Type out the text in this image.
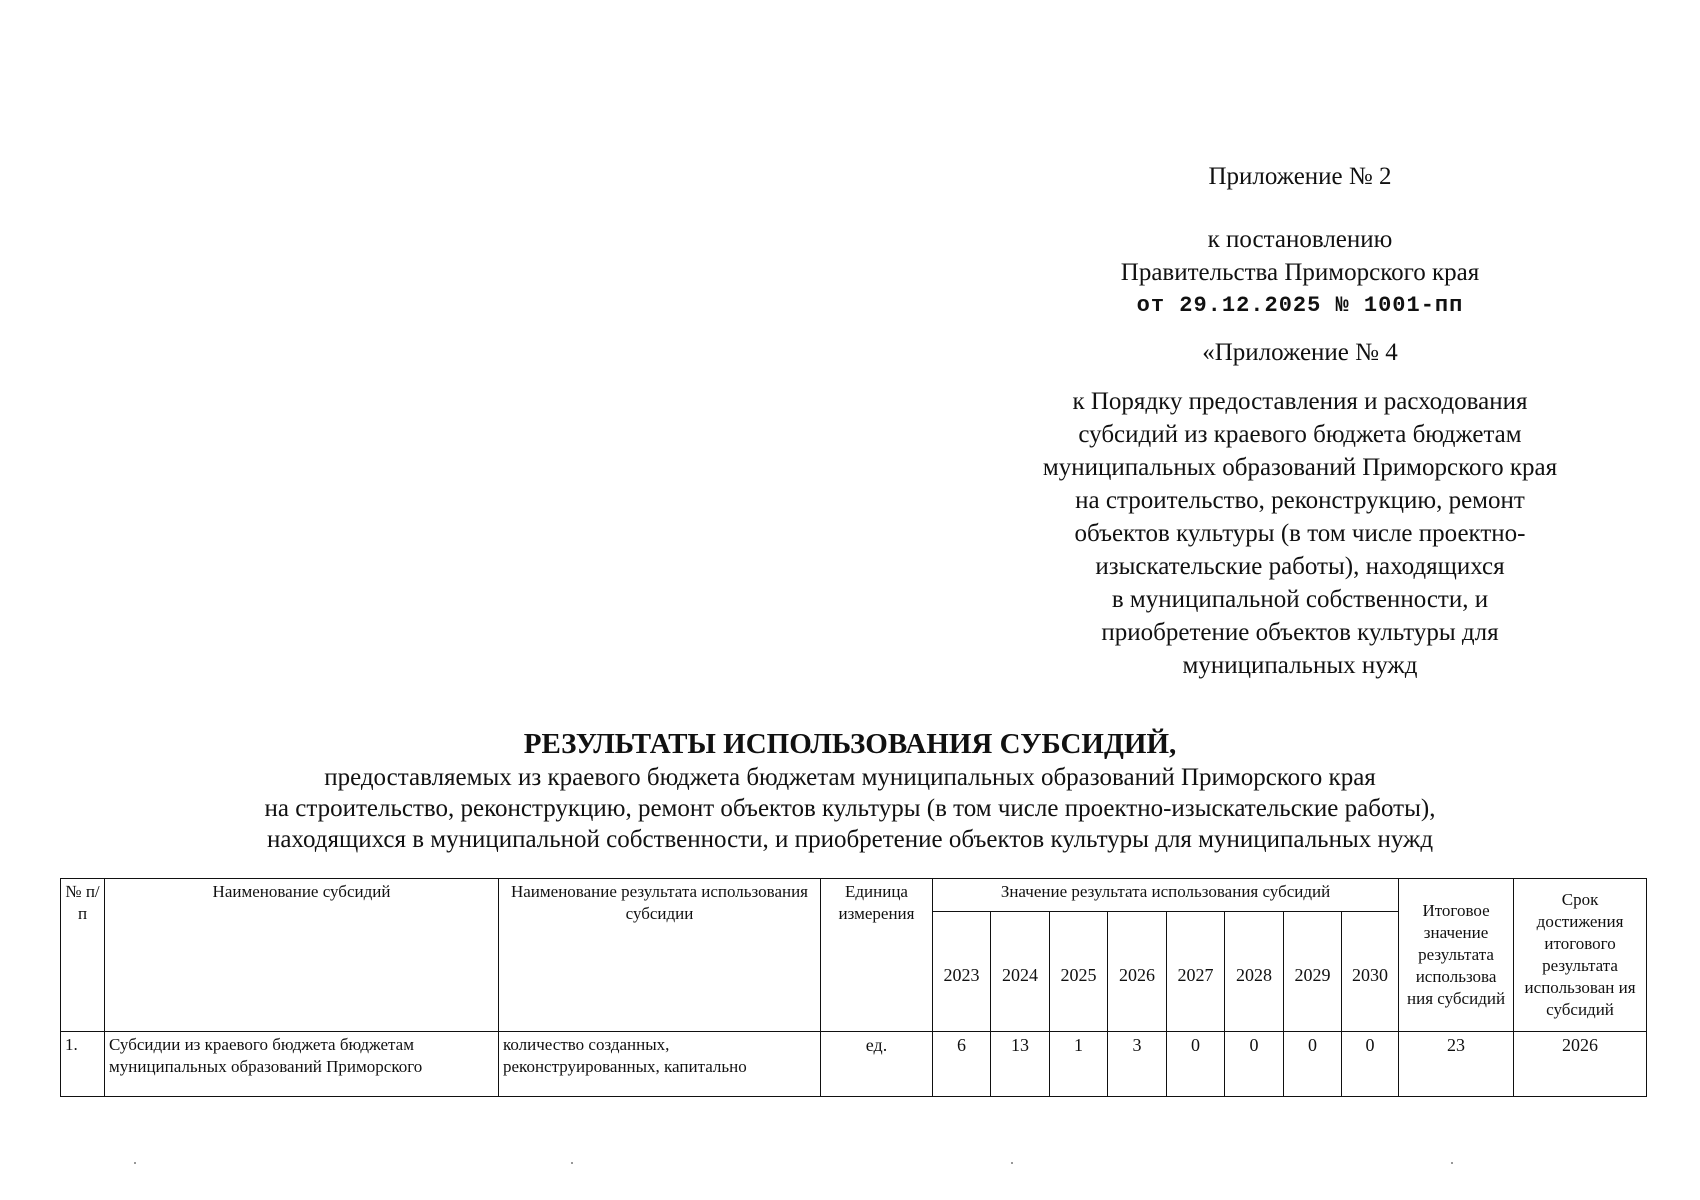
Приложение № 2
к постановлению
Правительства Приморского края
от 29.12.2025 № 1001-пп
«Приложение № 4
к Порядку предоставления и расходования
субсидий из краевого бюджета бюджетам
муниципальных образований Приморского края
на строительство, реконструкцию, ремонт
объектов культуры (в том числе проектно-
изыскательские работы), находящихся
в муниципальной собственности, и
приобретение объектов культуры для
муниципальных нужд
РЕЗУЛЬТАТЫ ИСПОЛЬЗОВАНИЯ СУБСИДИЙ,
предоставляемых из краевого бюджета бюджетам муниципальных образований Приморского края
на строительство, реконструкцию, ремонт объектов культуры (в том числе проектно-изыскательские работы),
находящихся в муниципальной собственности, и приобретение объектов культуры для муниципальных нужд
№ п/п	Наименование субсидий	Наименование результата использования субсидии	Единица измерения	Значение результата использования субсидий								Итоговое значение результата использова ния субсидий	Срок достижения итогового результата использован ия субсидий
				2023	2024	2025	2026	2027	2028	2029	2030		
1.	Субсидии из краевого бюджета бюджетам муниципальных образований Приморского	количество созданных, реконструированных, капитально	ед.	6	13	1	3	0	0	0	0	23	2026
